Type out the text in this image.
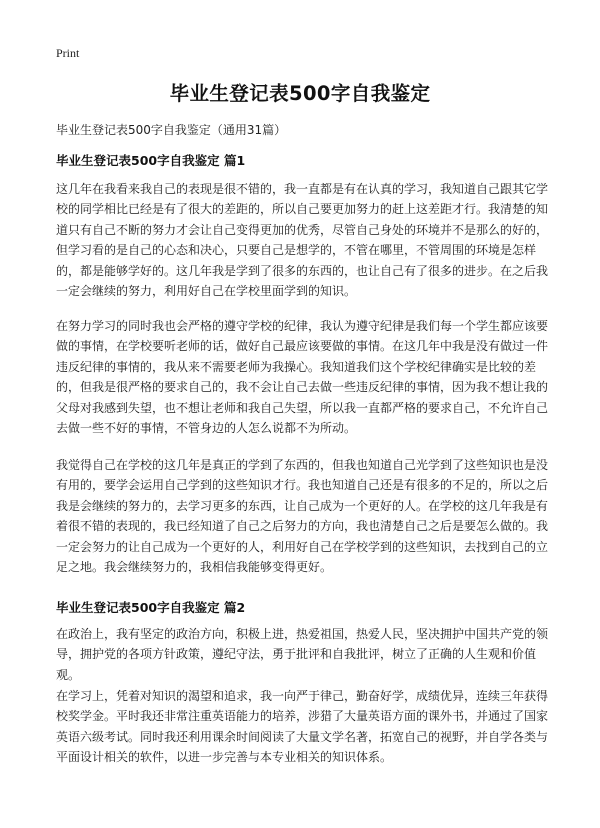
Print
毕业生登记表500字自我鉴定

毕业生登记表500字自我鉴定（通用31篇）

毕业生登记表500字自我鉴定 篇1

这几年在我看来我自己的表现是很不错的，我一直都是有在认真的学习，我知道自己跟其它学校的同学相比已经是有了很大的差距的，所以自己要更加努力的赶上这差距才行。我清楚的知道只有自己不断的努力才会让自己变得更加的优秀，尽管自己身处的环境并不是那么的好的，但学习看的是自己的心态和决心，只要自己是想学的，不管在哪里，不管周围的环境是怎样的，都是能够学好的。这几年我是学到了很多的东西的，也让自己有了很多的进步。在之后我一定会继续的努力，利用好自己在学校里面学到的知识。

在努力学习的同时我也会严格的遵守学校的纪律，我认为遵守纪律是我们每一个学生都应该要做的事情，在学校要听老师的话，做好自己最应该要做的事情。在这几年中我是没有做过一件违反纪律的事情的，我从来不需要老师为我操心。我知道我们这个学校纪律确实是比较的差的，但我是很严格的要求自己的，我不会让自己去做一些违反纪律的事情，因为我不想让我的父母对我感到失望，也不想让老师和我自己失望，所以我一直都严格的要求自己，不允许自己去做一些不好的事情，不管身边的人怎么说都不为所动。

我觉得自己在学校的这几年是真正的学到了东西的，但我也知道自己光学到了这些知识也是没有用的，要学会运用自己学到的这些知识才行。我也知道自己还是有很多的不足的，所以之后我是会继续的努力的，去学习更多的东西，让自己成为一个更好的人。在学校的这几年我是有着很不错的表现的，我已经知道了自己之后努力的方向，我也清楚自己之后是要怎么做的。我一定会努力的让自己成为一个更好的人，利用好自己在学校学到的这些知识，去找到自己的立足之地。我会继续努力的，我相信我能够变得更好。

毕业生登记表500字自我鉴定 篇2

在政治上，我有坚定的政治方向，积极上进，热爱祖国，热爱人民，坚决拥护中国共产党的领导，拥护党的各项方针政策，遵纪守法，勇于批评和自我批评，树立了正确的人生观和价值观。

在学习上，凭着对知识的渴望和追求，我一向严于律己，勤奋好学，成绩优异，连续三年获得校奖学金。平时我还非常注重英语能力的培养，涉猎了大量英语方面的课外书，并通过了国家英语六级考试。同时我还利用课余时间阅读了大量文学名著，拓宽自己的视野，并自学各类与平面设计相关的软件，以进一步完善与本专业相关的知识体系。
